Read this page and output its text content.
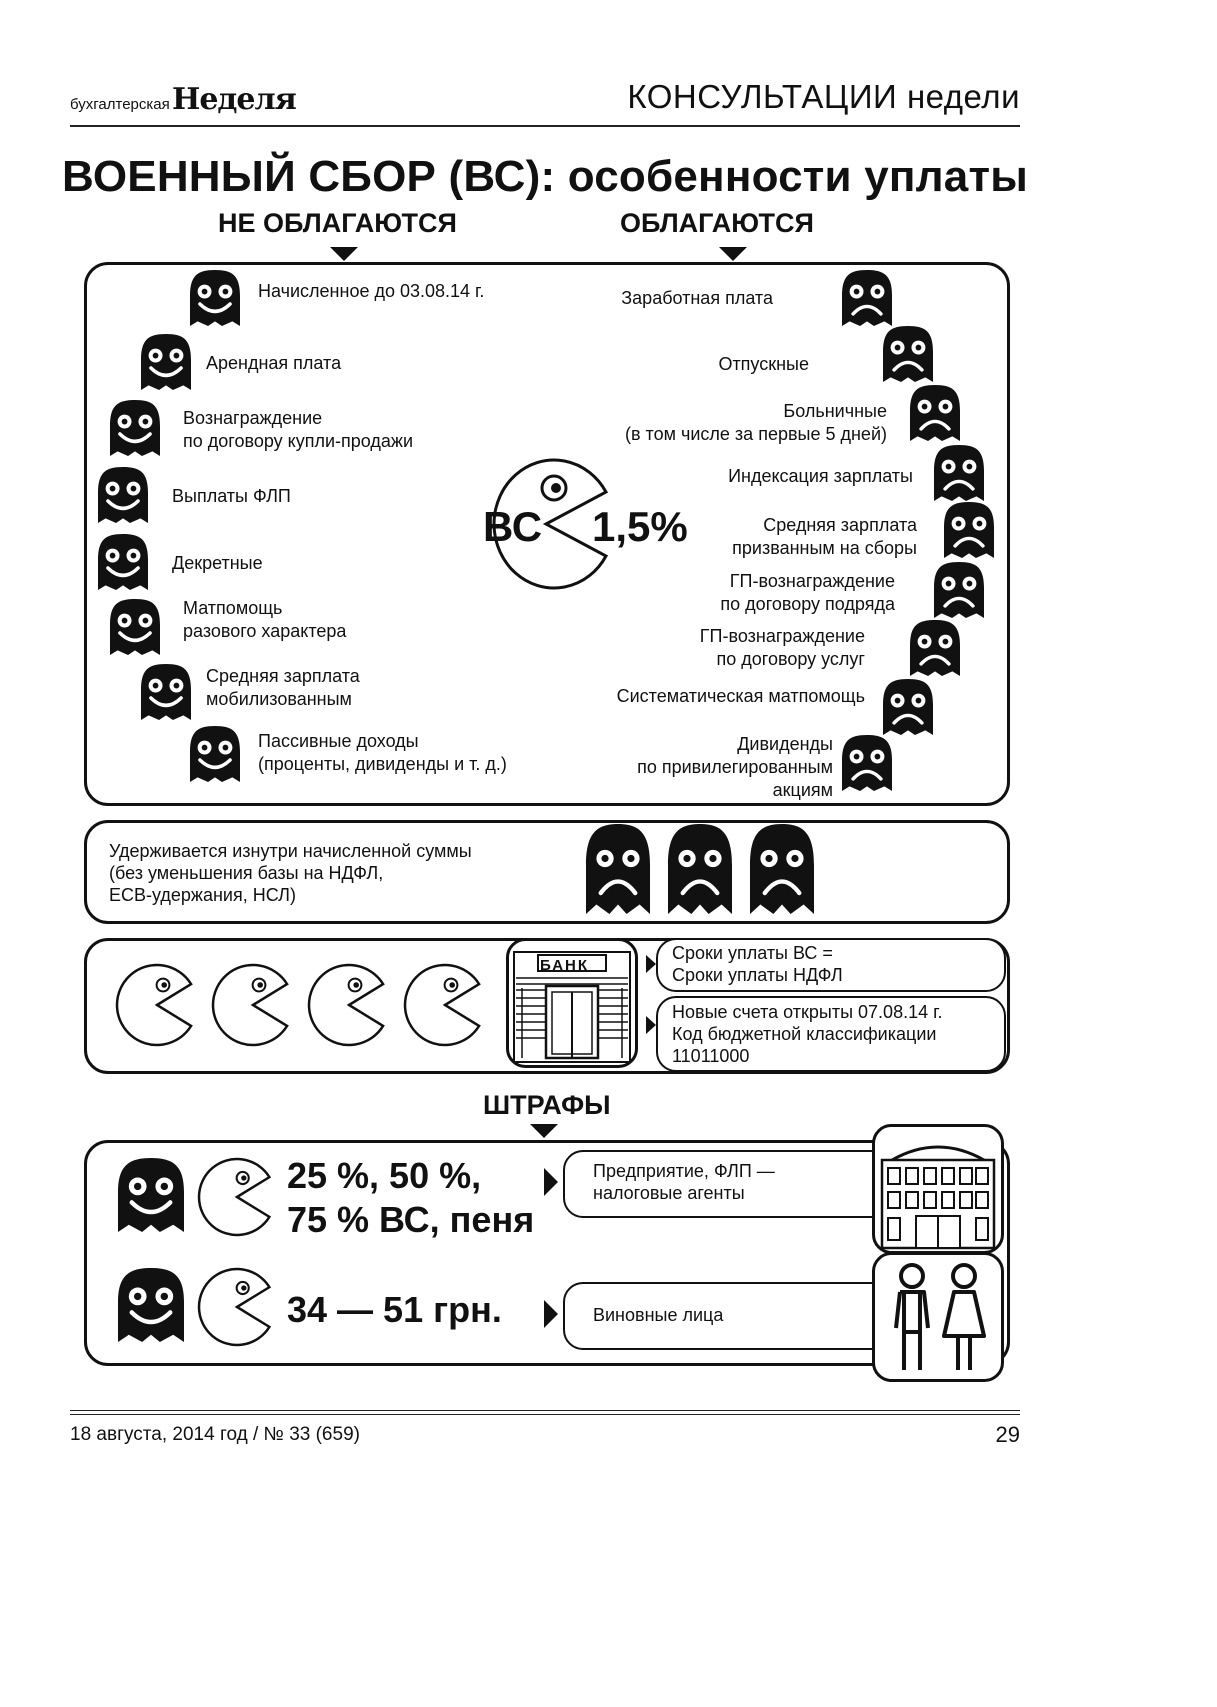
бухгалтерская Неделя	КОНСУЛЬТАЦИИ недели
ВОЕННЫЙ СБОР (ВС): особенности уплаты
НЕ ОБЛАГАЮТСЯ	ОБЛАГАЮТСЯ
Начисленное до 03.08.14 г.
Арендная плата
Вознаграждение
по договору купли-продажи
Выплаты ФЛП
Декретные
Матпомощь
разового характера
Средняя зарплата
мобилизованным
Пассивные доходы
(проценты, дивиденды и т. д.)
Заработная плата
Отпускные
Больничные
(в том числе за первые 5 дней)
Индексация зарплаты
Средняя зарплата
призванным на сборы
ГП-вознаграждение
по договору подряда
ГП-вознаграждение
по договору услуг
Систематическая матпомощь
Дивиденды
по привилегированным
акциям
ВС 1,5%
Удерживается изнутри начисленной суммы
(без уменьшения базы на НДФЛ,
ЕСВ-удержания, НСЛ)
БАНК
Сроки уплаты ВС =
Сроки уплаты НДФЛ
Новые счета открыты 07.08.14 г.
Код бюджетной классификации
11011000
ШТРАФЫ
25 %, 50 %,
75 % ВС, пеня
Предприятие, ФЛП —
налоговые агенты
34 — 51 грн.	Виновные лица
18 августа, 2014 год / № 33 (659)	29
